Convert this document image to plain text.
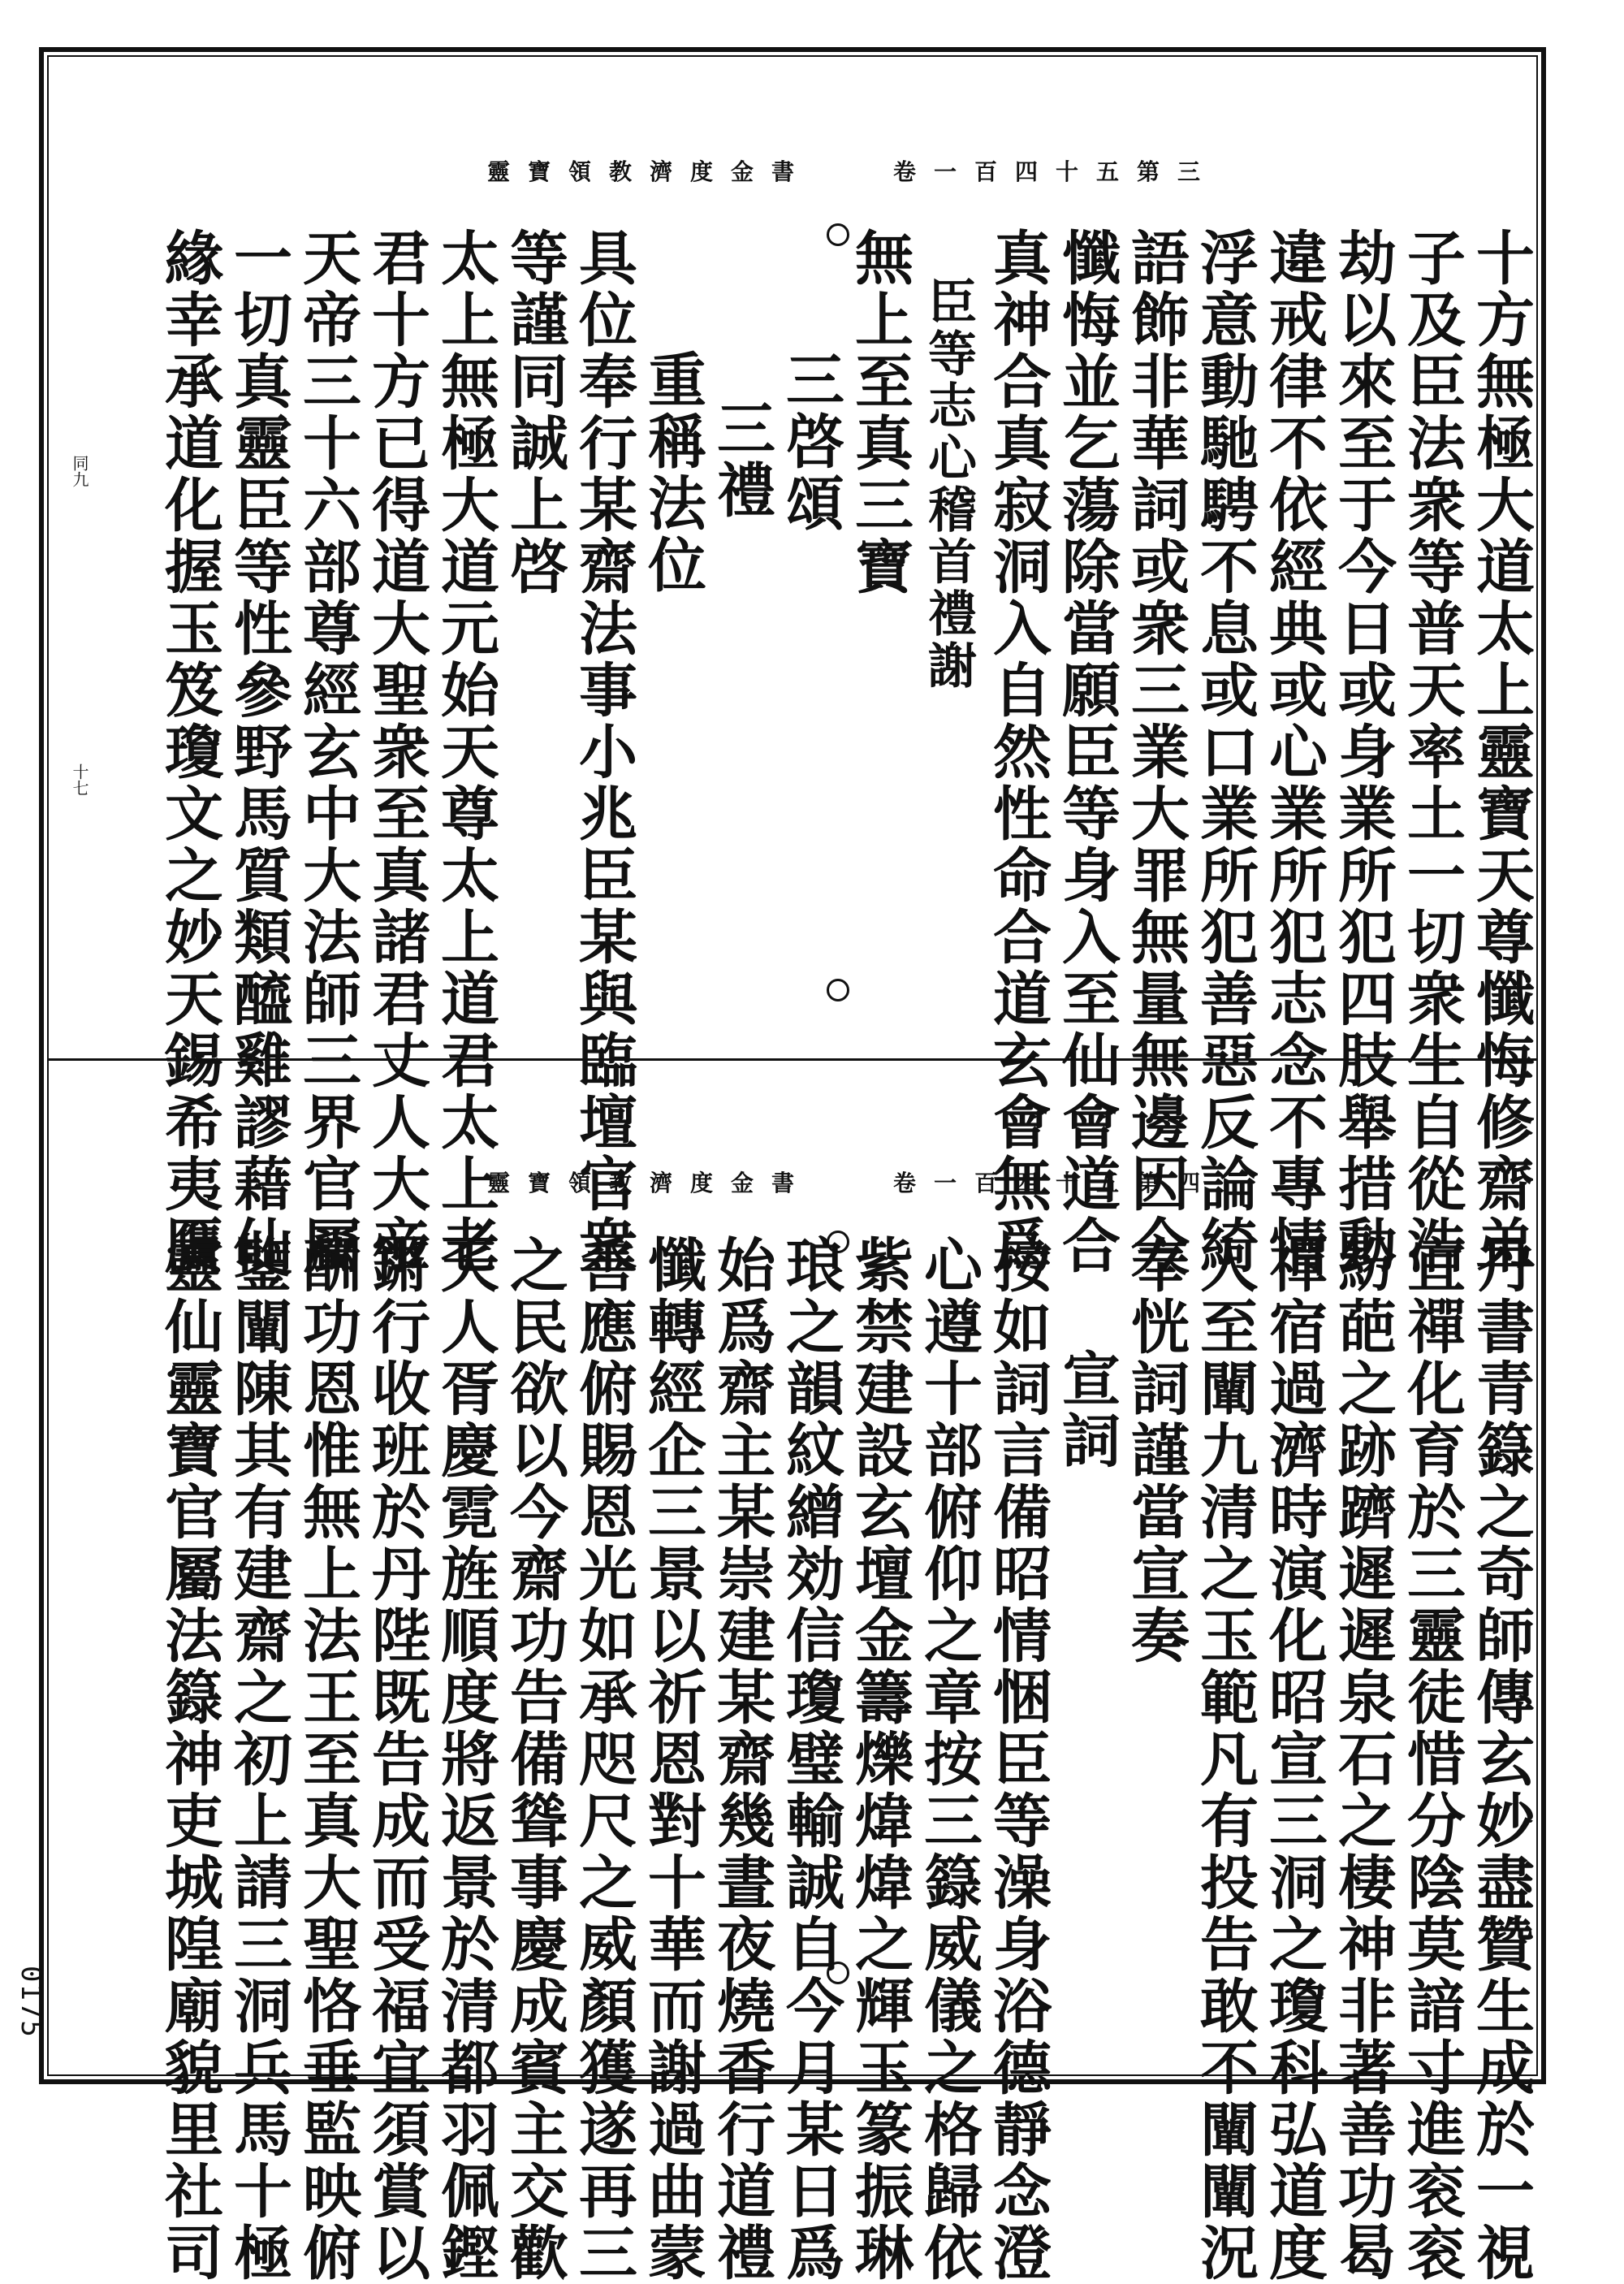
靈寶領教濟度金書　　卷一百四十五第三
十方無極大道太上靈寶天尊懺悔修齋弟
子及臣法衆等普天率土一切衆生自從浩
劫以來至于今日或身業所犯四肢舉措動
違戒律不依經典或心業所犯志念不專情
浮意動馳騁不息或口業所犯善惡反論綺
語飾非華詞或衆三業大罪無量無邊因今
懺悔並乞蕩除當願臣等身入至仙會道合
真神合真寂洞入自然性命合道玄會無爲
臣等志心稽首禮謝
無上至真三寶
三啓頌
三禮
重稱法位
具位奉行某齋法事小兆臣某與臨壇官衆
等謹同誠上啓
太上無極大道元始天尊太上道君太上老
君十方已得道大聖衆至真諸君丈人大帝
天帝三十六部尊經玄中大法師三界官屬
一切真靈臣等性參野馬質類醯雞謬藉仙
緣幸承道化握玉笈瓊文之妙天錫希夷贋
同九
十七
靈寶領教濟度金書　　卷一百四十五第四
丹書青籙之奇師傳玄妙盡贊生成於一視
宜禪化育於三靈徒惜分陰莫諳寸進衮衮
紛葩之跡躋遲遲泉石之棲神非著善功曷
禪宿過濟時演化昭宣三洞之瓊科弘道度
人至闡九清之玉範凡有投告敢不闡闡況
奉恍詞謹當宣奏
宣詞
按如詞言備昭情悃臣等澡身浴德靜念澄
心遵十部俯仰之章按三籙威儀之格歸依
紫禁建設玄壇金籌爍煒煒之輝玉篆振琳
琅之韻紋繒効信瓊璧輸誠自今月某日爲
始爲齋主某崇建某齋幾晝夜燒香行道禮
懺轉經企三景以祈恩對十華而謝過曲蒙
善應俯賜恩光如承咫尺之威顏獲遂再三
之民欲以今齋功告備聳事慶成賓主交歡
天人胥慶霓旌順度將返景於清都羽佩鏗
鏘行收班於丹陛既告成而受福宜須賞以
酬功恩惟無上法王至真大聖恪垂監映俯
鑒闡陳其有建齋之初上請三洞兵馬十極
靈仙靈寶官屬法籙神吏城隍廟貌里社司
0175
